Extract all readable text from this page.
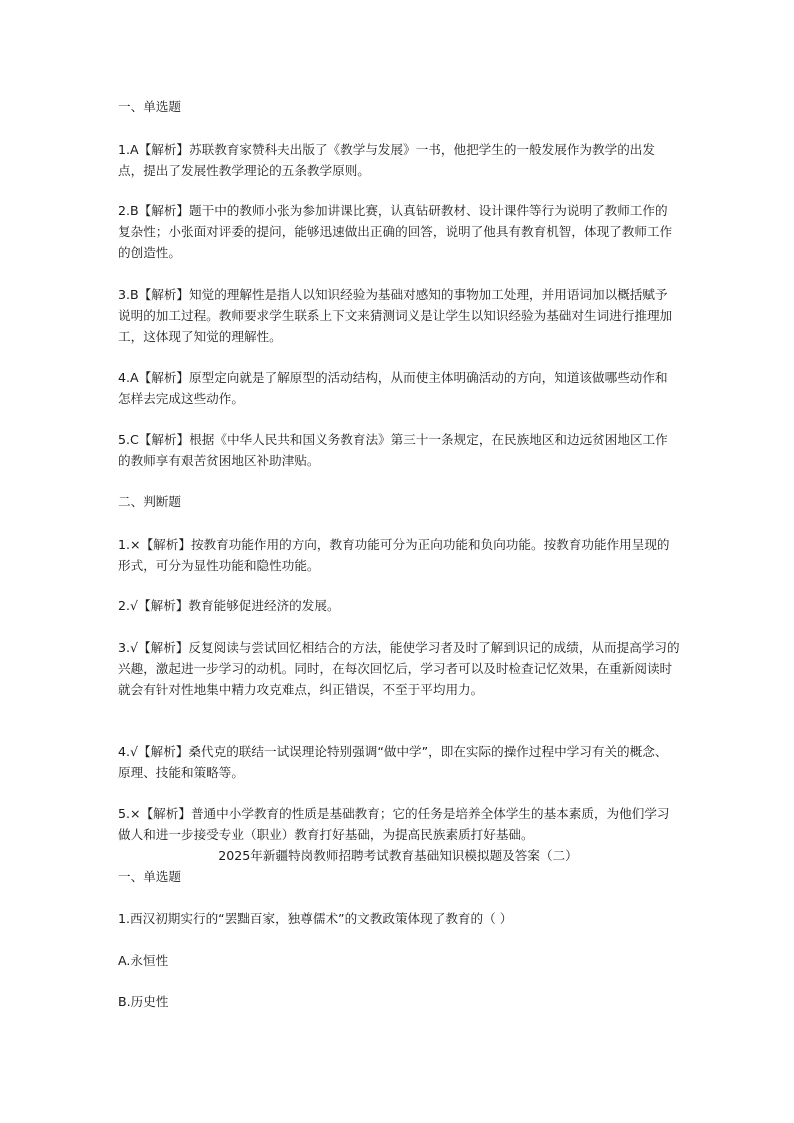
一、单选题

1.A【解析】苏联教育家赞科夫出版了《教学与发展》一书，他把学生的一般发展作为教学的出发点，提出了发展性教学理论的五条教学原则。

2.B【解析】题干中的教师小张为参加讲课比赛，认真钻研教材、设计课件等行为说明了教师工作的复杂性；小张面对评委的提问，能够迅速做出正确的回答，说明了他具有教育机智，体现了教师工作的创造性。

3.B【解析】知觉的理解性是指人以知识经验为基础对感知的事物加工处理，并用语词加以概括赋予说明的加工过程。教师要求学生联系上下文来猜测词义是让学生以知识经验为基础对生词进行推理加工，这体现了知觉的理解性。

4.A【解析】原型定向就是了解原型的活动结构，从而使主体明确活动的方向，知道该做哪些动作和怎样去完成这些动作。

5.C【解析】根据《中华人民共和国义务教育法》第三十一条规定，在民族地区和边远贫困地区工作的教师享有艰苦贫困地区补助津贴。

二、判断题

1.×【解析】按教育功能作用的方向，教育功能可分为正向功能和负向功能。按教育功能作用呈现的形式，可分为显性功能和隐性功能。

2.√【解析】教育能够促进经济的发展。

3.√【解析】反复阅读与尝试回忆相结合的方法，能使学习者及时了解到识记的成绩，从而提高学习的兴趣，激起进一步学习的动机。同时，在每次回忆后，学习者可以及时检查记忆效果，在重新阅读时就会有针对性地集中精力攻克难点，纠正错误，不至于平均用力。

4.√【解析】桑代克的联结一试误理论特别强调“做中学”，即在实际的操作过程中学习有关的概念、原理、技能和策略等。

5.×【解析】普通中小学教育的性质是基础教育；它的任务是培养全体学生的基本素质，为他们学习做人和进一步接受专业（职业）教育打好基础，为提高民族素质打好基础。

2025年新疆特岗教师招聘考试教育基础知识模拟题及答案（二）

一、单选题

1.西汉初期实行的“罢黜百家，独尊儒术”的文教政策体现了教育的（ ）

A.永恒性

B.历史性
